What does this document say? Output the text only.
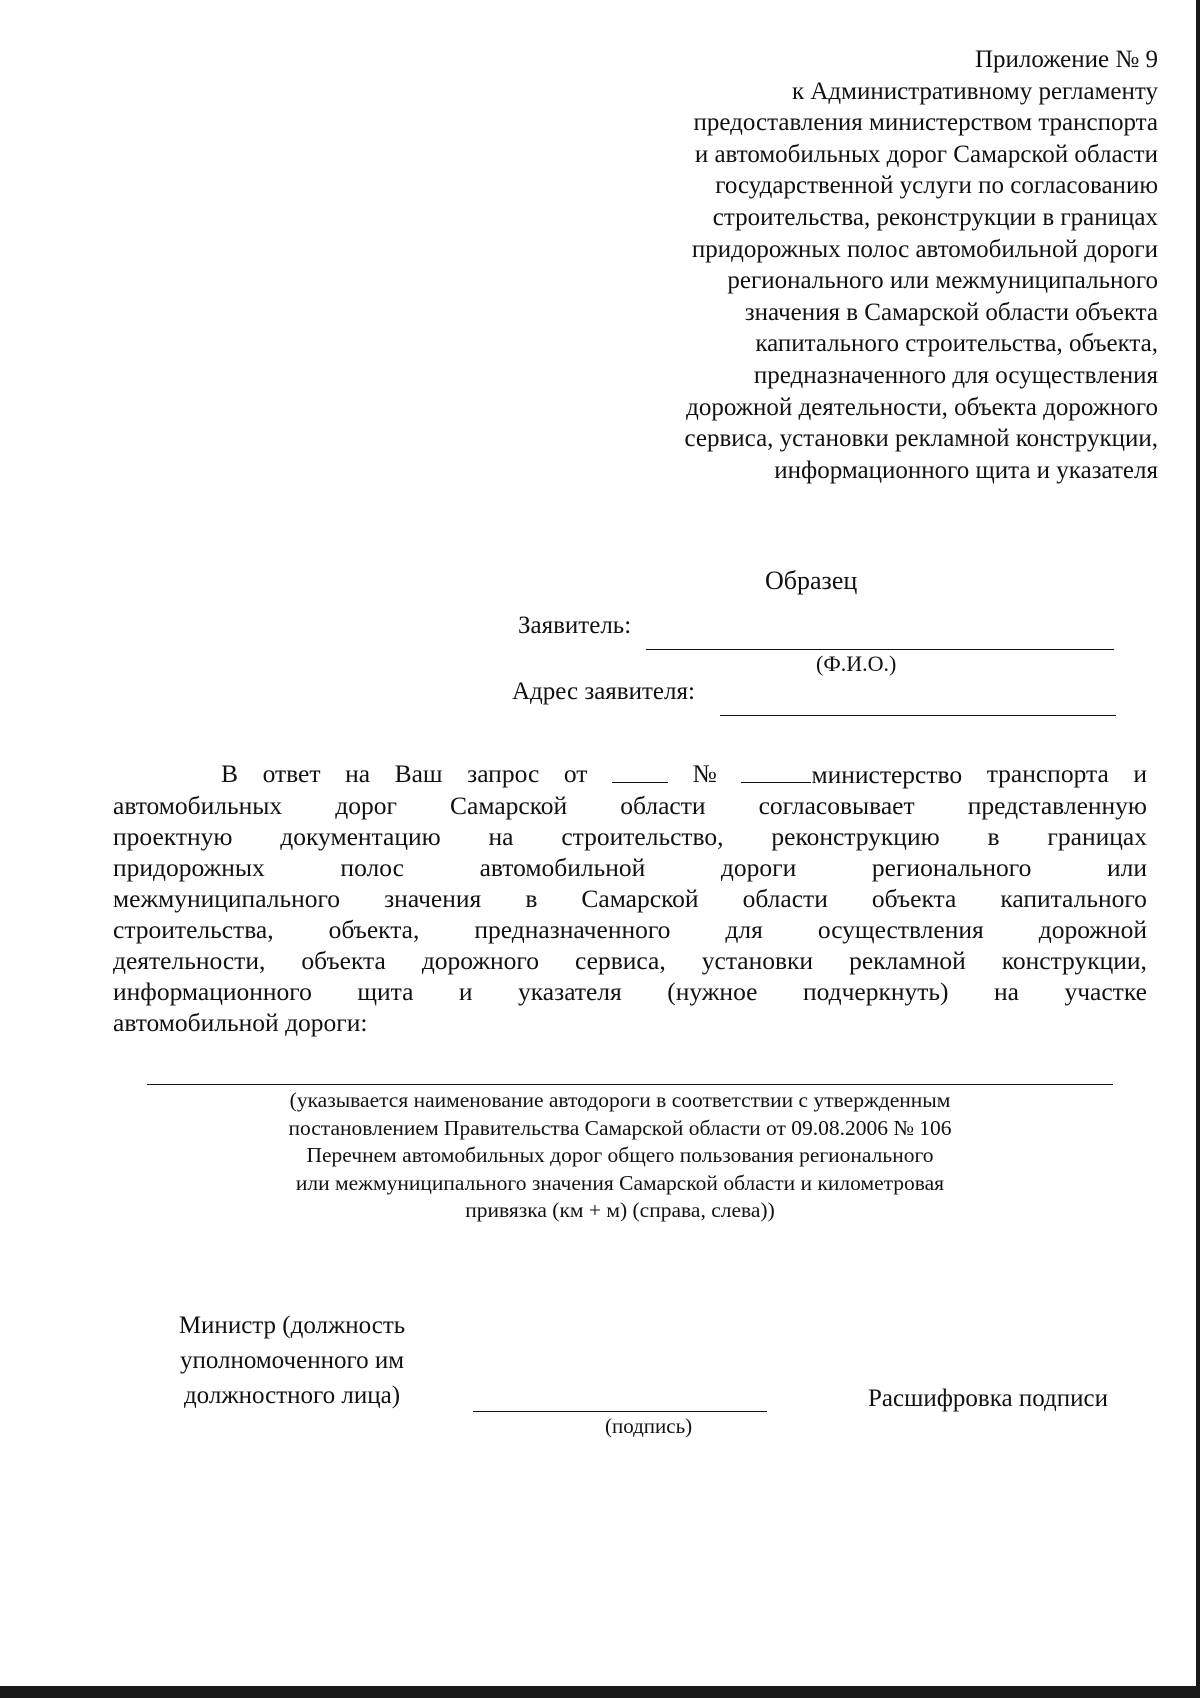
Приложение № 9
к Административному регламенту
предоставления министерством транспорта
и автомобильных дорог Самарской области
государственной услуги по согласованию
строительства, реконструкции в границах
придорожных полос автомобильной дороги
регионального или межмуниципального
значения в Самарской области объекта
капитального строительства, объекта,
предназначенного для осуществления
дорожной деятельности, объекта дорожного
сервиса, установки рекламной конструкции,
информационного щита и указателя
Образец
Заявитель:
(Ф.И.О.)
Адрес заявителя:
В ответ на Ваш запрос от	№	министерство транспорта и
автомобильных дорог Самарской области согласовывает представленную
проектную документацию на строительство, реконструкцию в границах
придорожных	полос	автомобильной	дороги	регионального	или
межмуниципального значения в Самарской области объекта капитального
строительства, объекта, предназначенного для осуществления дорожной
деятельности, объекта дорожного сервиса, установки рекламной конструкции,
информационного щита и указателя (нужное подчеркнуть) на участке
автомобильной дороги:
(указывается наименование автодороги в соответствии с утвержденным
постановлением Правительства Самарской области от 09.08.2006 № 106
Перечнем автомобильных дорог общего пользования регионального
или межмуниципального значения Самарской области и километровая
привязка (км + м) (справа, слева))
Министр (должность
уполномоченного им
должностного лица)
(подпись)
Расшифровка подписи
